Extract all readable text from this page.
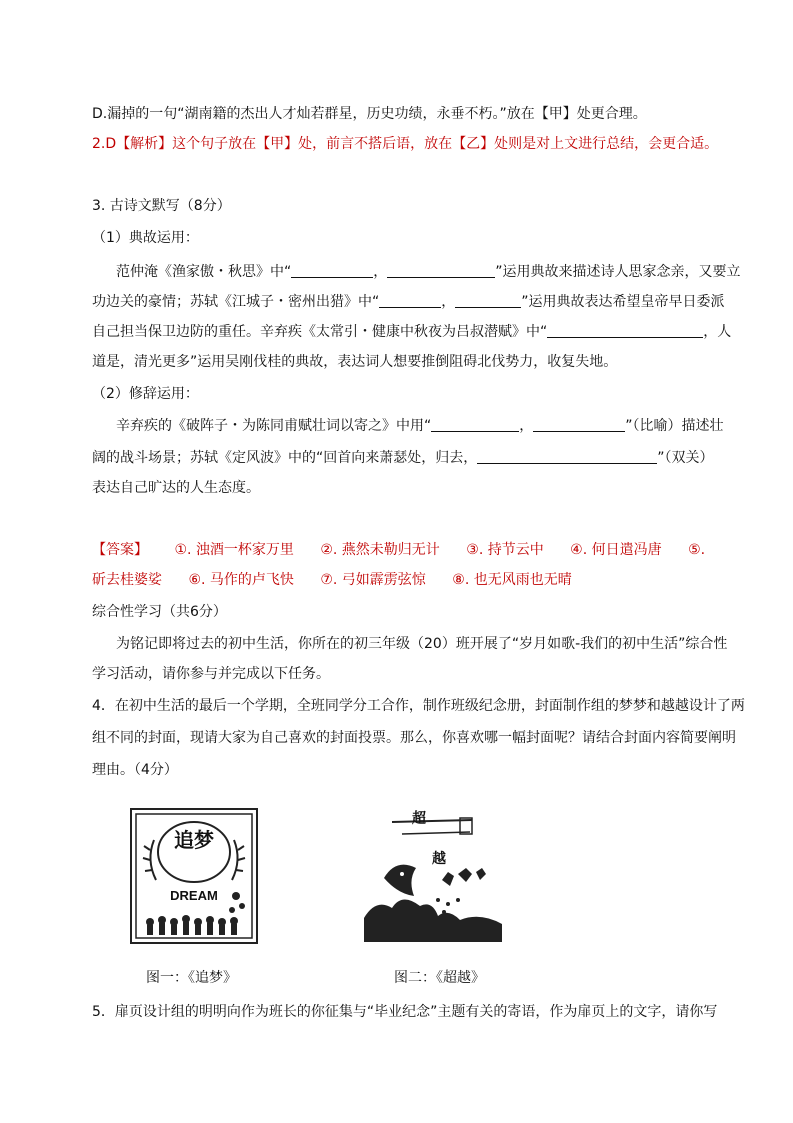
D.漏掉的一句“湖南籍的杰出人才灿若群星，历史功绩，永垂不朽。”放在【甲】处更合理。
2.D【解析】这个句子放在【甲】处，前言不搭后语，放在【乙】处则是对上文进行总结，会更合适。
3. 古诗文默写（8分）
（1）典故运用：
范仲淹《渔家傲・秋思》中“	，	”运用典故来描述诗人思家念亲，又要立
功边关的豪情；苏轼《江城子・密州出猎》中“	，	”运用典故表达希望皇帝早日委派
自己担当保卫边防的重任。辛弃疾《太常引・健康中秋夜为吕叔潜赋》中“	，人
道是，清光更多”运用吴刚伐桂的典故，表达词人想要推倒阻碍北伐势力，收复失地。
（2）修辞运用：
辛弃疾的《破阵子・为陈同甫赋壮词以寄之》中用“	，	”（比喻）描述壮
阔的战斗场景；苏轼《定风波》中的“回首向来萧瑟处，归去，	”（双关）
表达自己旷达的人生态度。
【答案】 ①. 浊酒一杯家万里 ②. 燕然未勒归无计 ③. 持节云中 ④. 何日遣冯唐 ⑤.
斫去桂婆娑 ⑥. 马作的卢飞快 ⑦. 弓如霹雳弦惊 ⑧. 也无风雨也无晴
综合性学习（共6分）
为铭记即将过去的初中生活，你所在的初三年级（20）班开展了“岁月如歌-我们的初中生活”综合性
学习活动，请你参与并完成以下任务。
4．在初中生活的最后一个学期，全班同学分工合作，制作班级纪念册，封面制作组的梦梦和越越设计了两
组不同的封面，现请大家为自己喜欢的封面投票。那么，你喜欢哪一幅封面呢？请结合封面内容简要阐明
理由。（4分）
追梦
DREAM
超
越
图一：《追梦》	图二：《超越》
5．扉页设计组的明明向作为班长的你征集与“毕业纪念”主题有关的寄语，作为扉页上的文字，请你写
